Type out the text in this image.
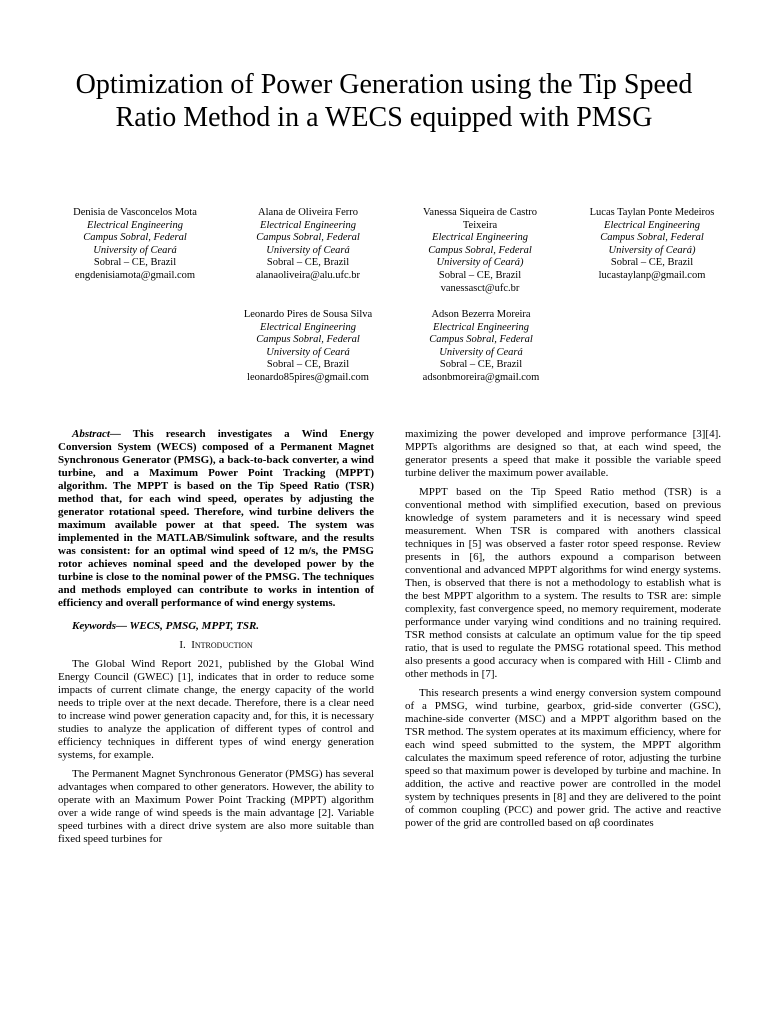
Optimization of Power Generation using the Tip Speed Ratio Method in a WECS equipped with PMSG
Denisia de Vasconcelos Mota
Electrical Engineering
Campus Sobral, Federal
University of Ceará
Sobral – CE, Brazil
engdenisiamota@gmail.com
Alana de Oliveira Ferro
Electrical Engineering
Campus Sobral, Federal
University of Ceará
Sobral – CE, Brazil
alanaoliveira@alu.ufc.br
Vanessa Siqueira de Castro Teixeira
Electrical Engineering
Campus Sobral, Federal
University of Ceará)
Sobral – CE, Brazil
vanessasct@ufc.br
Lucas Taylan Ponte Medeiros
Electrical Engineering
Campus Sobral, Federal
University of Ceará)
Sobral – CE, Brazil
lucastaylanp@gmail.com
Leonardo Pires de Sousa Silva
Electrical Engineering
Campus Sobral, Federal
University of Ceará
Sobral – CE, Brazil
leonardo85pires@gmail.com
Adson Bezerra Moreira
Electrical Engineering
Campus Sobral, Federal
University of Ceará
Sobral – CE, Brazil
adsonbmoreira@gmail.com

Abstract— This research investigates a Wind Energy Conversion System (WECS) composed of a Permanent Magnet Synchronous Generator (PMSG), a back-to-back converter, a wind turbine, and a Maximum Power Point Tracking (MPPT) algorithm. The MPPT is based on the Tip Speed Ratio (TSR) method that, for each wind speed, operates by adjusting the generator rotational speed. Therefore, wind turbine delivers the maximum available power at that speed. The system was implemented in the MATLAB/Simulink software, and the results was consistent: for an optimal wind speed of 12 m/s, the PMSG rotor achieves nominal speed and the developed power by the turbine is close to the nominal power of the PMSG. The techniques and methods employed can contribute to works in intention of efficiency and overall performance of wind energy systems.

Keywords— WECS, PMSG, MPPT, TSR.

I. Introduction

The Global Wind Report 2021, published by the Global Wind Energy Council (GWEC) [1], indicates that in order to reduce some impacts of current climate change, the energy capacity of the world needs to triple over at the next decade. Therefore, there is a clear need to increase wind power generation capacity and, for this, it is necessary studies to analyze the application of different types of control and efficiency techniques in different types of wind energy generation systems, for example.

The Permanent Magnet Synchronous Generator (PMSG) has several advantages when compared to other generators. However, the ability to operate with an Maximum Power Point Tracking (MPPT) algorithm over a wide range of wind speeds is the main advantage [2]. Variable speed turbines with a direct drive system are also more suitable than fixed speed turbines for

maximizing the power developed and improve performance [3][4]. MPPTs algorithms are designed so that, at each wind speed, the generator presents a speed that make it possible the variable speed turbine deliver the maximum power available.

MPPT based on the Tip Speed Ratio method (TSR) is a conventional method with simplified execution, based on previous knowledge of system parameters and it is necessary wind speed measurement. When TSR is compared with anothers classical techniques in [5] was observed a faster rotor speed response. Review presents in [6], the authors expound a comparison between conventional and advanced MPPT algorithms for wind energy systems. Then, is observed that there is not a methodology to establish what is the best MPPT algorithm to a system. The results to TSR are: simple complexity, fast convergence speed, no memory requirement, moderate performance under varying wind conditions and no training required. TSR method consists at calculate an optimum value for the tip speed ratio, that is used to regulate the PMSG rotational speed. This method also presents a good accuracy when is compared with Hill - Climb and other methods in [7].

This research presents a wind energy conversion system compound of a PMSG, wind turbine, gearbox, grid-side converter (GSC), machine-side converter (MSC) and a MPPT algorithm based on the TSR method. The system operates at its maximum efficiency, where for each wind speed submitted to the system, the MPPT algorithm calculates the maximum speed reference of rotor, adjusting the turbine speed so that maximum power is developed by turbine and machine. In addition, the active and reactive power are controlled in the model system by techniques presents in [8] and they are delivered to the point of common coupling (PCC) and power grid. The active and reactive power of the grid are controlled based on αβ coordinates
